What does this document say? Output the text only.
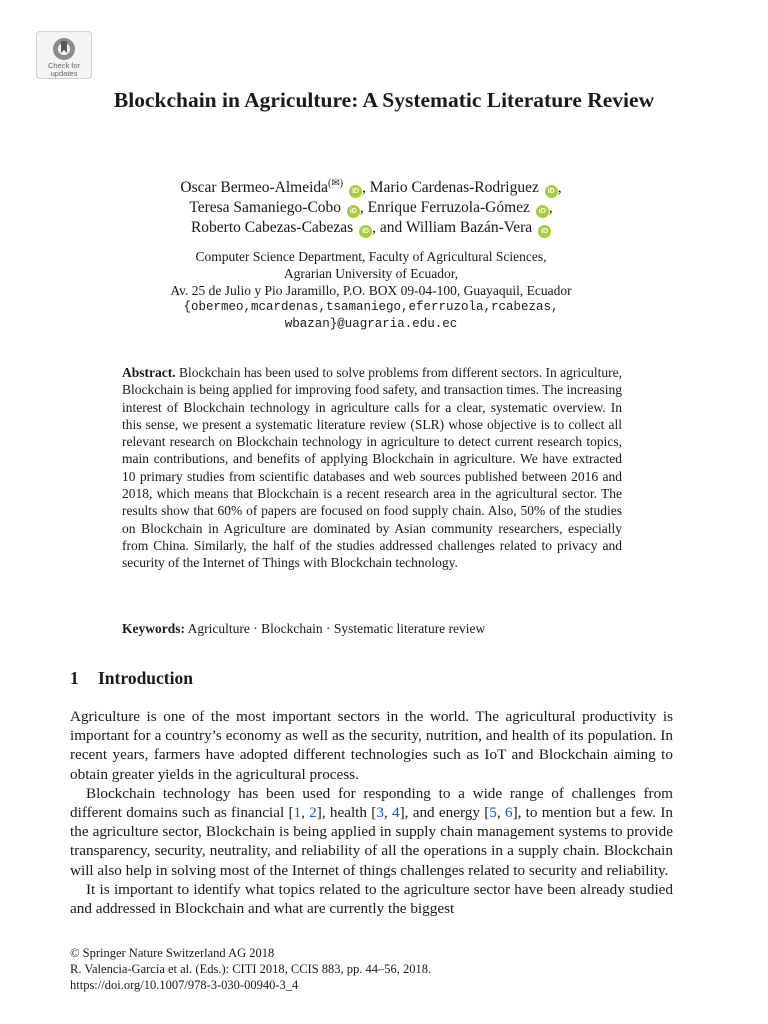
Check for updates
Blockchain in Agriculture: A Systematic Literature Review
Oscar Bermeo-Almeida(✉) iD , Mario Cardenas-Rodriguez iD ,
Teresa Samaniego-Cobo iD , Enrique Ferruzola-Gómez iD ,
Roberto Cabezas-Cabezas iD , and William Bazán-Vera iD
Computer Science Department, Faculty of Agricultural Sciences,
Agrarian University of Ecuador,
Av. 25 de Julio y Pio Jaramillo, P.O. BOX 09-04-100, Guayaquil, Ecuador
{obermeo,mcardenas,tsamaniego,eferruzola,rcabezas,
wbazan}@uagraria.edu.ec
Abstract. Blockchain has been used to solve problems from different sectors. In agriculture, Blockchain is being applied for improving food safety, and transaction times. The increasing interest of Blockchain technology in agriculture calls for a clear, systematic overview. In this sense, we present a systematic literature review (SLR) whose objective is to collect all relevant research on Blockchain technology in agriculture to detect current research topics, main contributions, and benefits of applying Blockchain in agriculture. We have extracted 10 primary studies from scientific databases and web sources published between 2016 and 2018, which means that Blockchain is a recent research area in the agricultural sector. The results show that 60% of papers are focused on food supply chain. Also, 50% of the studies on Blockchain in Agriculture are dominated by Asian community researchers, especially from China. Similarly, the half of the studies addressed challenges related to privacy and security of the Internet of Things with Blockchain technology.
Keywords: Agriculture · Blockchain · Systematic literature review
1 Introduction

Agriculture is one of the most important sectors in the world. The agricultural productivity is important for a country’s economy as well as the security, nutrition, and health of its population. In recent years, farmers have adopted different technologies such as IoT and Blockchain aiming to obtain greater yields in the agricultural process.

Blockchain technology has been used for responding to a wide range of challenges from different domains such as financial [1, 2], health [3, 4], and energy [5, 6], to mention but a few. In the agriculture sector, Blockchain is being applied in supply chain management systems to provide transparency, security, neutrality, and reliability of all the operations in a supply chain. Blockchain will also help in solving most of the Internet of things challenges related to security and reliability.

It is important to identify what topics related to the agriculture sector have been already studied and addressed in Blockchain and what are currently the biggest

© Springer Nature Switzerland AG 2018
R. Valencia-García et al. (Eds.): CITI 2018, CCIS 883, pp. 44–56, 2018.
https://doi.org/10.1007/978-3-030-00940-3_4
